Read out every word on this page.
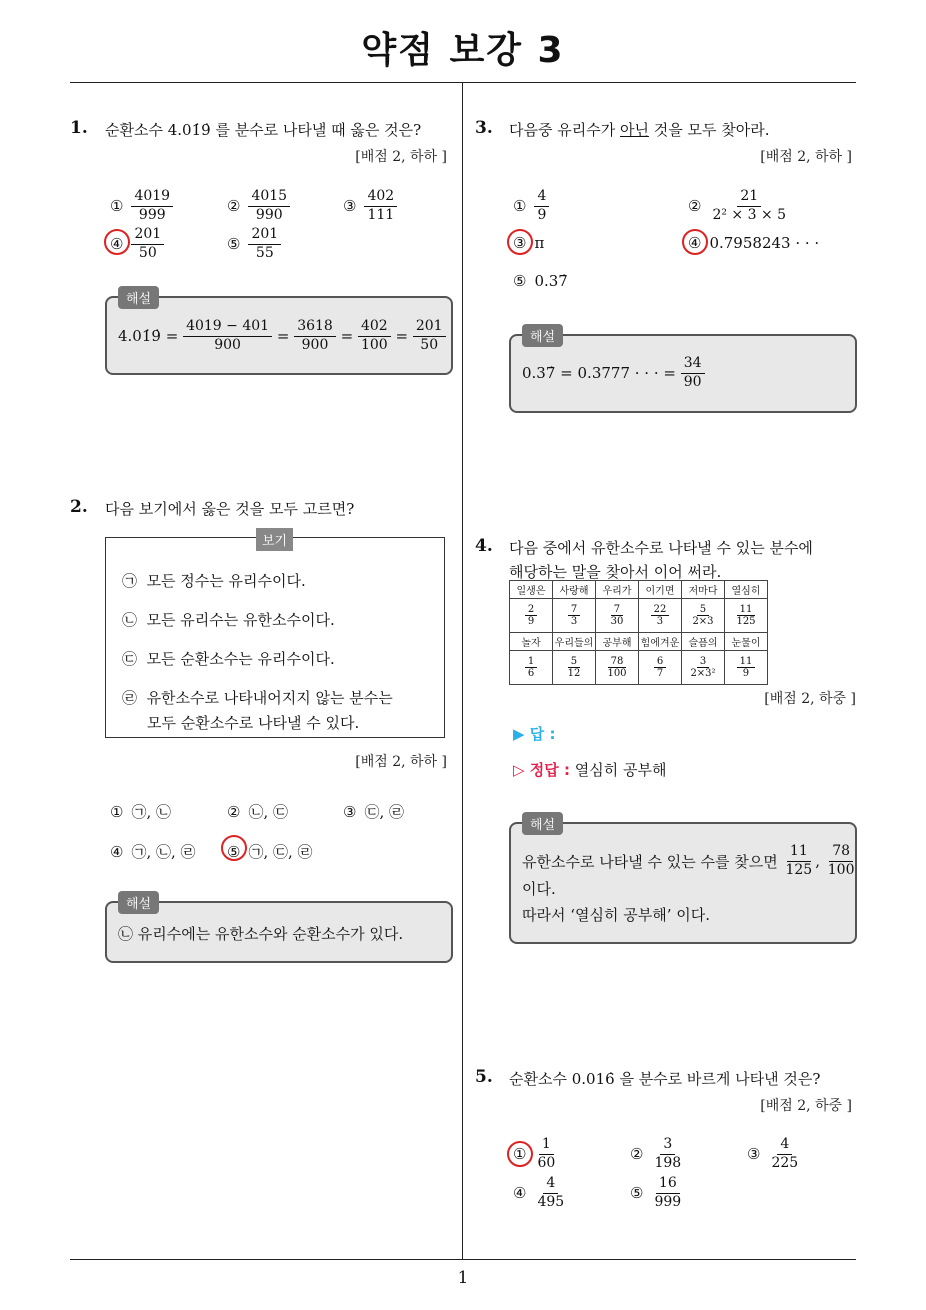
약점 보강 3
1
1. 순환소수 4.01̇9̇ 를 분수로 나타낼 때 옳은 것은?
[배점 2, 하하 ]
① $\frac{4019}{999}$	② $\frac{4015}{990}$	③ $\frac{402}{111}$
④ $\frac{201}{50}$	⑤ $\frac{201}{55}$
해설
4.01̇9̇ =
$\frac{4019 - 401}{900}$
=
$\frac{3618}{900}$
=
$\frac{402}{100}$
=
$\frac{201}{50}$
2. 다음 보기에서 옳은 것을 모두 고르면?
보기
㉠ 모든 정수는 유리수이다.
㉡ 모든 유리수는 유한소수이다.
㉢ 모든 순환소수는 유리수이다.
㉣ 유한소수로 나타내어지지 않는 분수는
모두 순환소수로 나타낼 수 있다.
[배점 2, 하하 ]
① ㉠, ㉡	② ㉡, ㉢	③ ㉢, ㉣
④ ㉠, ㉡, ㉣ ⑤ ㉠, ㉢, ㉣
해설
㉡ 유리수에는 유한소수와 순환소수가 있다.
3. 다음중 유리수가 아닌 것을 모두 찾아라.
[배점 2, 하하 ]
① $\frac{4}{9}$	② $\frac{21}{\text{2² × 3 × 5}}$
③ π	④ 0.7958243 · · ·
⑤ 0.37̇
해설
0.37̇ = 0.3777 · · · =
$\frac{34}{90}$
4. 다음 중에서 유한소수로 나타낼 수 있는 분수에
해당하는 말을 찾아서 이어 써라.
일생은	사랑해	우리가	이기면	저마다	열심히

$\frac{2}{9}$	$\frac{7}{3}$	$\frac{7}{30}$	$\frac{22}{3}$	$\frac{5}{2\times 3}$	$\frac{11}{125}$

놀자	우리들의	공부해	힘에겨운	슬픔의	눈물이

$\frac{1}{6}$	$\frac{5}{12}$	$\frac{78}{100}$	$\frac{6}{7}$	$\frac{3}{\text{2×3²}}$	$\frac{11}{9}$
[배점 2, 하중 ]
▶ 답 :
▷ 정답 : 열심히 공부해
해설
유한소수로 나타낼 수 있는 수를 찾으면
$\frac{11}{125}$ , $\frac{78}{100}$
이다.
따라서 ‘열심히 공부해’ 이다.
5. 순환소수 0.016̇ 을 분수로 바르게 나타낸 것은?
[배점 2, 하중 ]
① $\frac{1}{60}$	② $\frac{3}{198}$	③ $\frac{4}{225}$
④ $\frac{4}{495}$	⑤ $\frac{16}{999}$
